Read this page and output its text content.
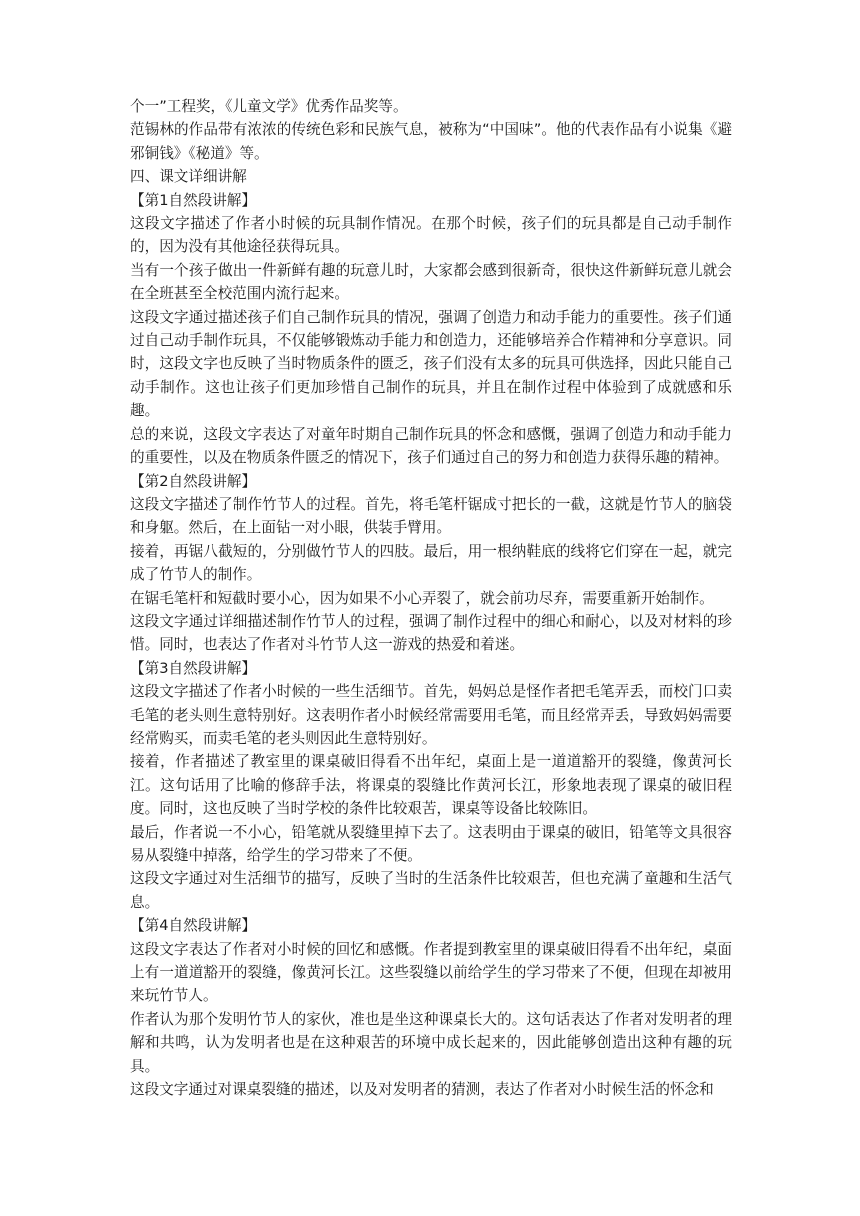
个一”工程奖，《儿童文学》优秀作品奖等。

范锡林的作品带有浓浓的传统色彩和民族气息，被称为“中国味”。他的代表作品有小说集《避邪铜钱》《秘道》等。

四、课文详细讲解

【第1自然段讲解】

这段文字描述了作者小时候的玩具制作情况。在那个时候，孩子们的玩具都是自己动手制作的，因为没有其他途径获得玩具。

当有一个孩子做出一件新鲜有趣的玩意儿时，大家都会感到很新奇，很快这件新鲜玩意儿就会在全班甚至全校范围内流行起来。

这段文字通过描述孩子们自己制作玩具的情况，强调了创造力和动手能力的重要性。孩子们通过自己动手制作玩具，不仅能够锻炼动手能力和创造力，还能够培养合作精神和分享意识。同时，这段文字也反映了当时物质条件的匮乏，孩子们没有太多的玩具可供选择，因此只能自己动手制作。这也让孩子们更加珍惜自己制作的玩具，并且在制作过程中体验到了成就感和乐趣。

总的来说，这段文字表达了对童年时期自己制作玩具的怀念和感慨，强调了创造力和动手能力的重要性，以及在物质条件匮乏的情况下，孩子们通过自己的努力和创造力获得乐趣的精神。

【第2自然段讲解】

这段文字描述了制作竹节人的过程。首先，将毛笔杆锯成寸把长的一截，这就是竹节人的脑袋和身躯。然后，在上面钻一对小眼，供装手臂用。

接着，再锯八截短的，分别做竹节人的四肢。最后，用一根纳鞋底的线将它们穿在一起，就完成了竹节人的制作。

在锯毛笔杆和短截时要小心，因为如果不小心弄裂了，就会前功尽弃，需要重新开始制作。

这段文字通过详细描述制作竹节人的过程，强调了制作过程中的细心和耐心，以及对材料的珍惜。同时，也表达了作者对斗竹节人这一游戏的热爱和着迷。

【第3自然段讲解】

这段文字描述了作者小时候的一些生活细节。首先，妈妈总是怪作者把毛笔弄丢，而校门口卖毛笔的老头则生意特别好。这表明作者小时候经常需要用毛笔，而且经常弄丢，导致妈妈需要经常购买，而卖毛笔的老头则因此生意特别好。

接着，作者描述了教室里的课桌破旧得看不出年纪，桌面上是一道道豁开的裂缝，像黄河长江。这句话用了比喻的修辞手法，将课桌的裂缝比作黄河长江，形象地表现了课桌的破旧程度。同时，这也反映了当时学校的条件比较艰苦，课桌等设备比较陈旧。

最后，作者说一不小心，铅笔就从裂缝里掉下去了。这表明由于课桌的破旧，铅笔等文具很容易从裂缝中掉落，给学生的学习带来了不便。

这段文字通过对生活细节的描写，反映了当时的生活条件比较艰苦，但也充满了童趣和生活气息。

【第4自然段讲解】

这段文字表达了作者对小时候的回忆和感慨。作者提到教室里的课桌破旧得看不出年纪，桌面上有一道道豁开的裂缝，像黄河长江。这些裂缝以前给学生的学习带来了不便，但现在却被用来玩竹节人。

作者认为那个发明竹节人的家伙，准也是坐这种课桌长大的。这句话表达了作者对发明者的理解和共鸣，认为发明者也是在这种艰苦的环境中成长起来的，因此能够创造出这种有趣的玩具。

这段文字通过对课桌裂缝的描述，以及对发明者的猜测，表达了作者对小时候生活的怀念和
